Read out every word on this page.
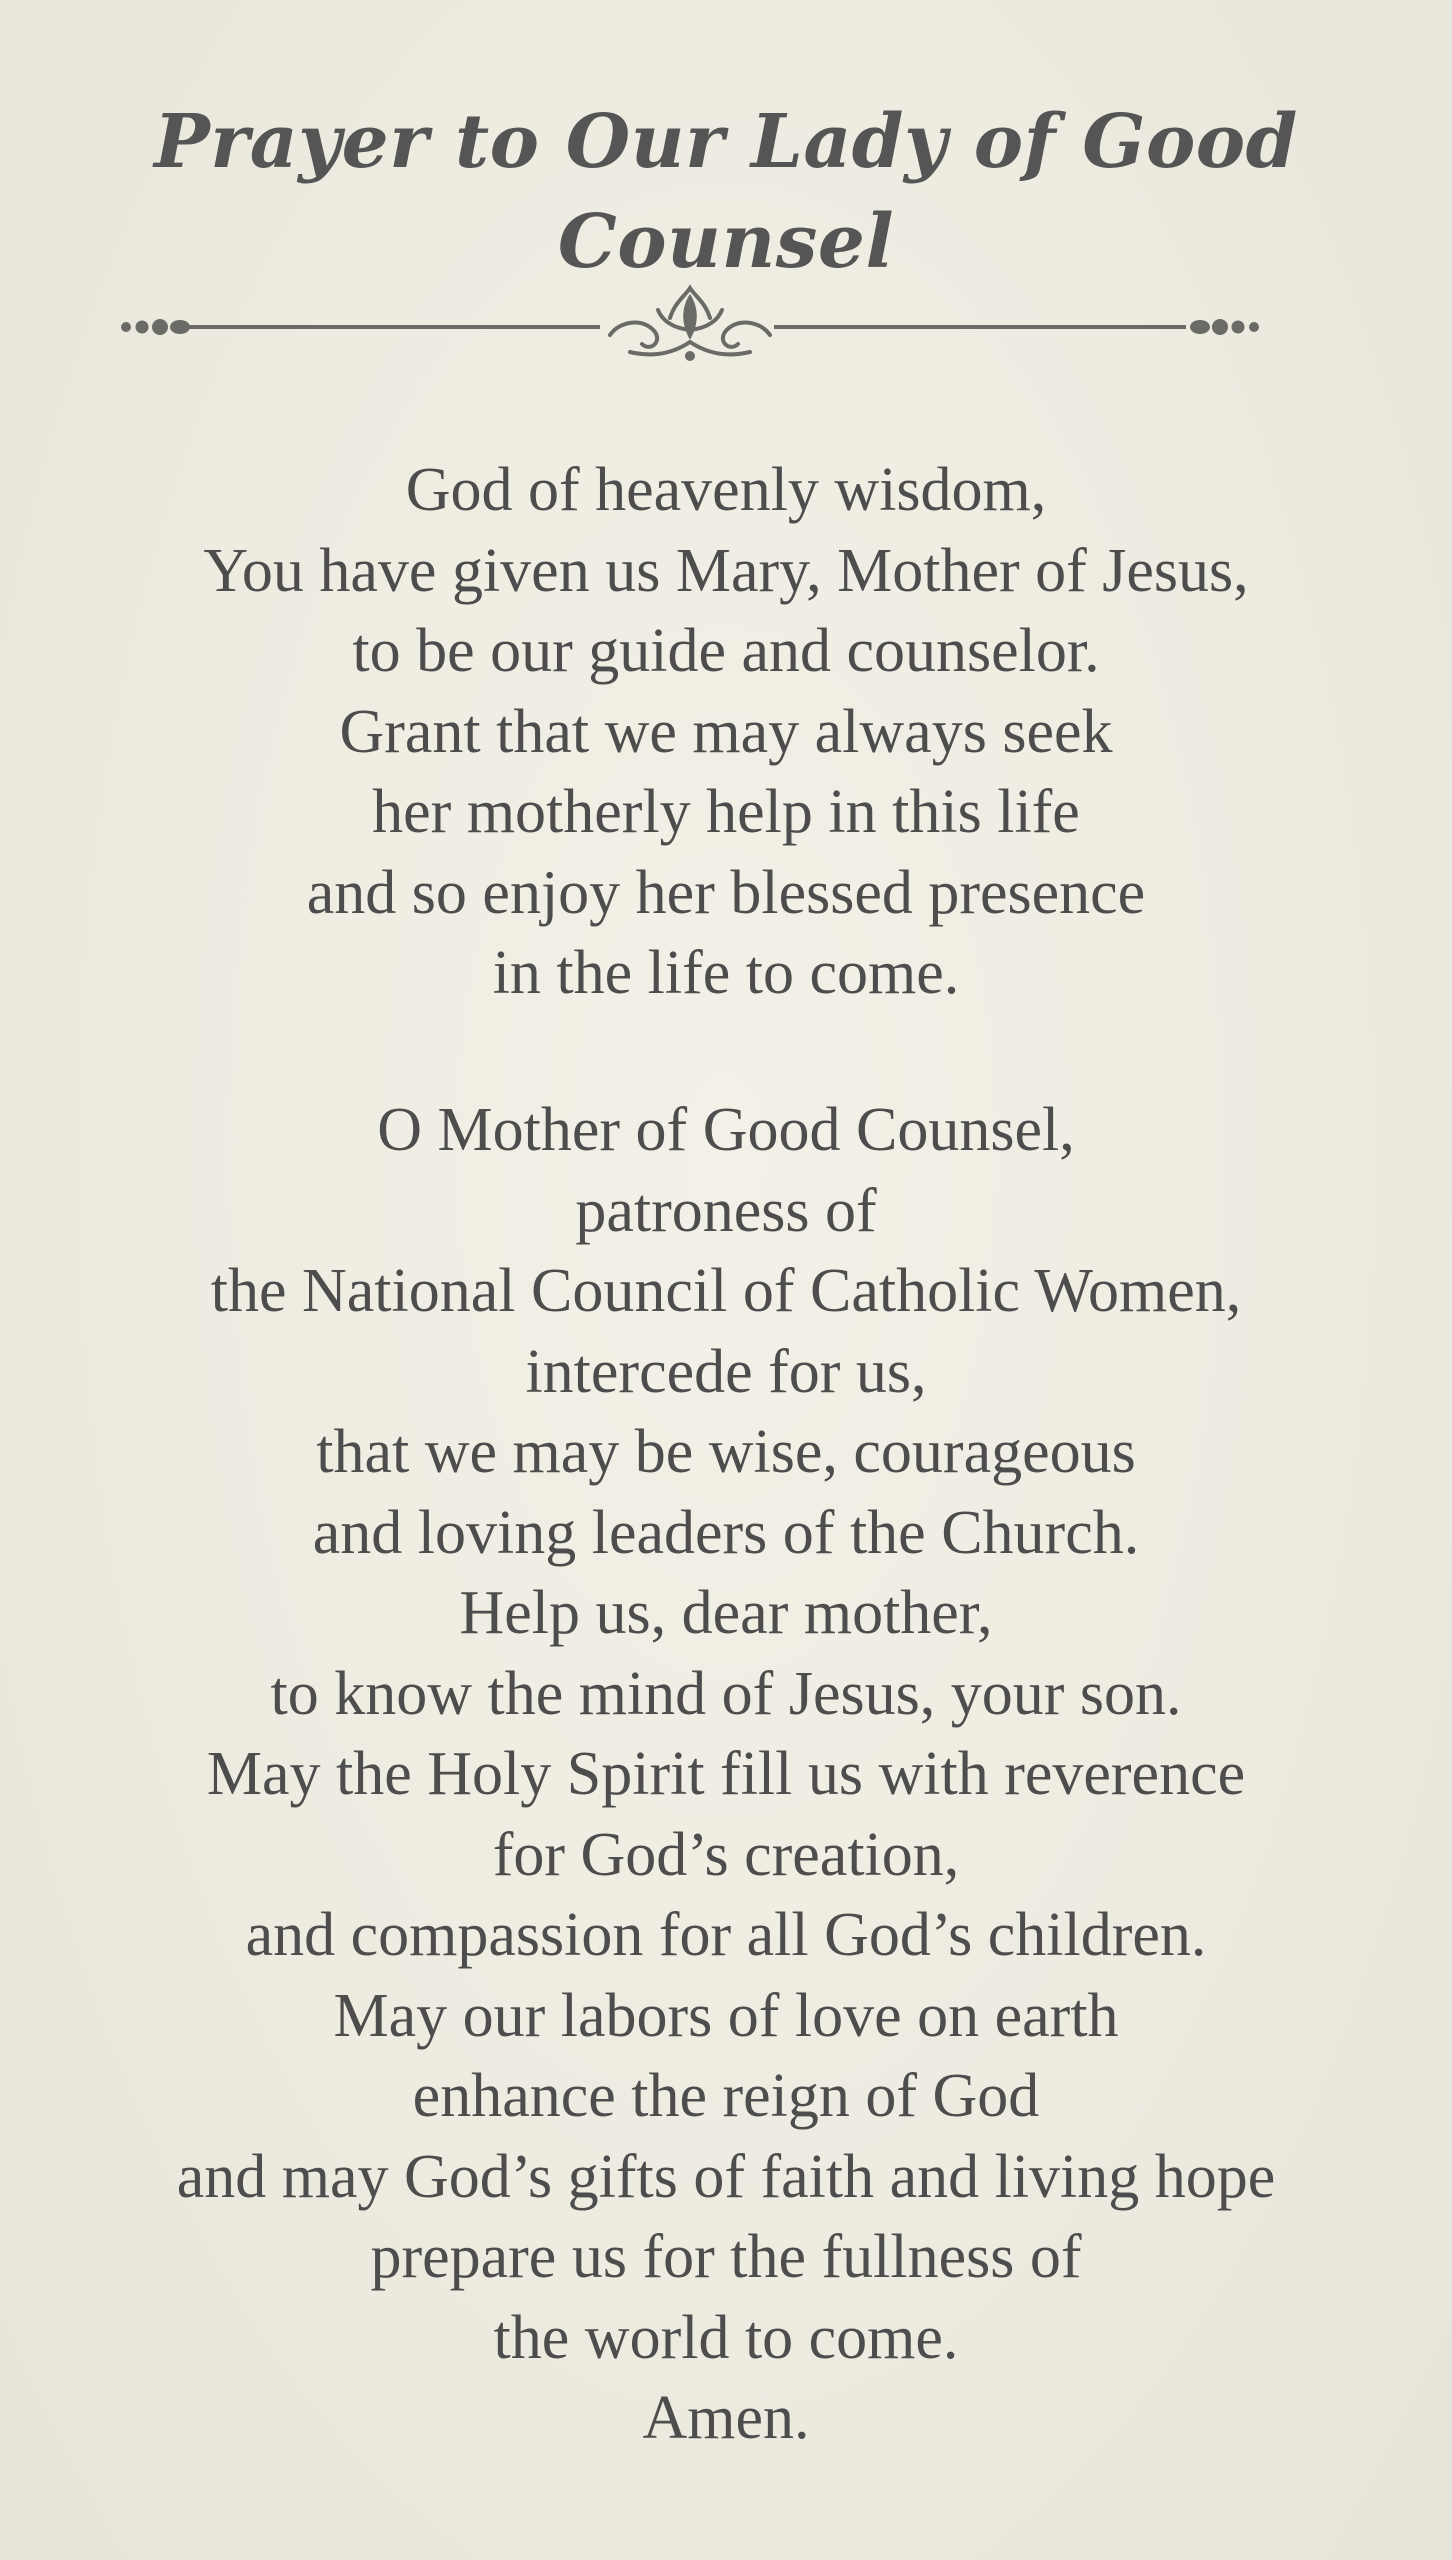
Prayer to Our Lady of Good Counsel

God of heavenly wisdom,
You have given us Mary, Mother of Jesus,
to be our guide and counselor.
Grant that we may always seek
her motherly help in this life
and so enjoy her blessed presence
in the life to come.

O Mother of Good Counsel,
patroness of
the National Council of Catholic Women,
intercede for us,
that we may be wise, courageous
and loving leaders of the Church.
Help us, dear mother,
to know the mind of Jesus, your son.
May the Holy Spirit fill us with reverence
for God’s creation,
and compassion for all God’s children.
May our labors of love on earth
enhance the reign of God
and may God’s gifts of faith and living hope
prepare us for the fullness of
the world to come.
Amen.
